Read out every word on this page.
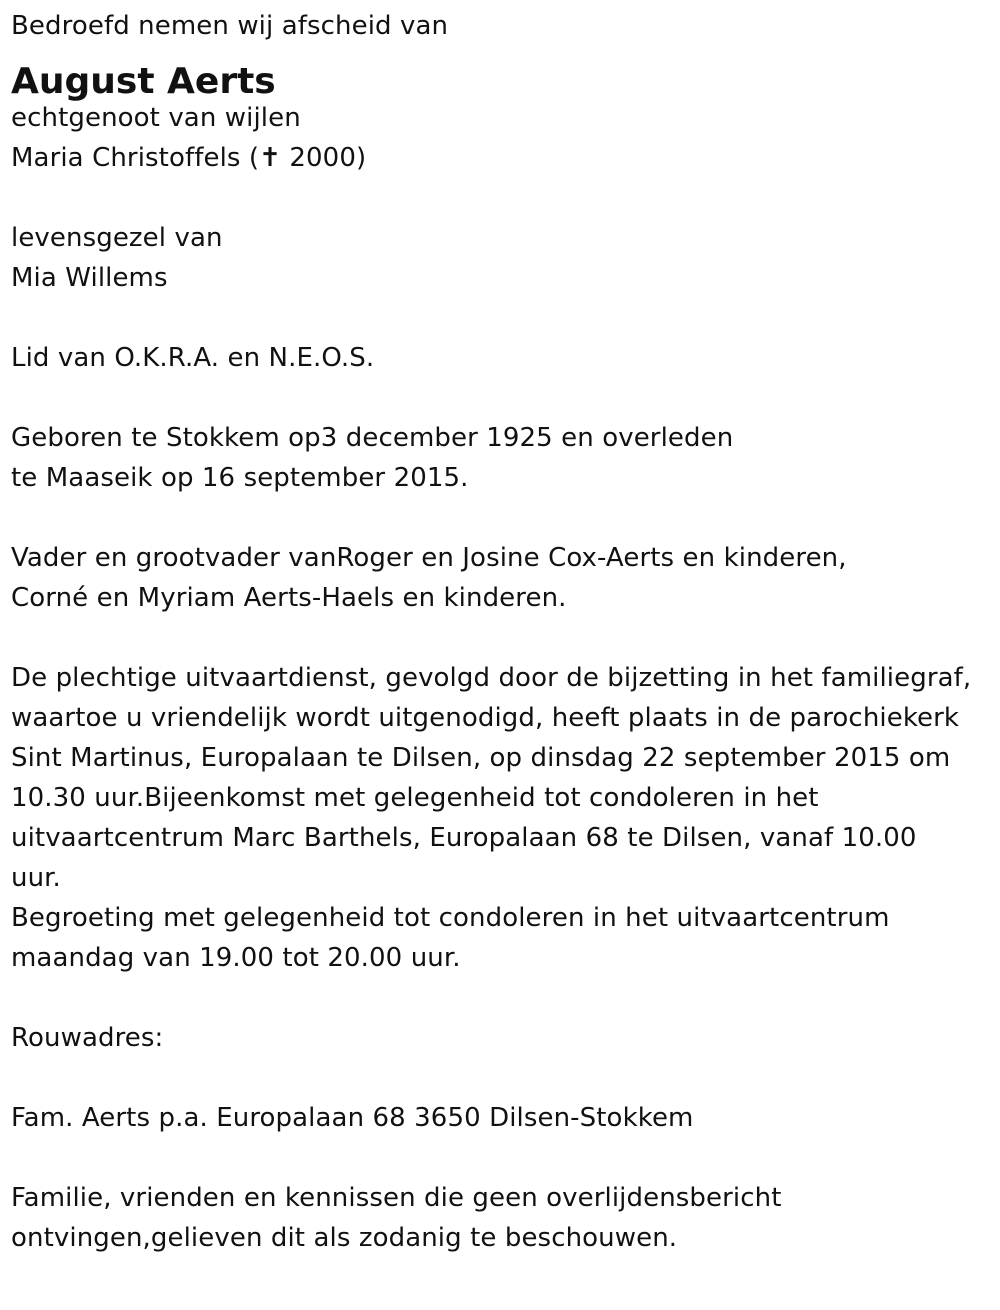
Bedroefd nemen wij afscheid van
August Aerts
echtgenoot van wijlen
Maria Christoffels (✝ 2000)
levensgezel van
Mia Willems
Lid van O.K.R.A. en N.E.O.S.
Geboren te Stokkem op3 december 1925 en overleden
te Maaseik op 16 september 2015.
Vader en grootvader vanRoger en Josine Cox-Aerts en kinderen,
Corné en Myriam Aerts-Haels en kinderen.
De plechtige uitvaartdienst, gevolgd door de bijzetting in het familiegraf,
waartoe u vriendelijk wordt uitgenodigd, heeft plaats in de parochiekerk
Sint Martinus, Europalaan te Dilsen, op dinsdag 22 september 2015 om
10.30 uur.Bijeenkomst met gelegenheid tot condoleren in het
uitvaartcentrum Marc Barthels, Europalaan 68 te Dilsen, vanaf 10.00
uur.
Begroeting met gelegenheid tot condoleren in het uitvaartcentrum
maandag van 19.00 tot 20.00 uur.
Rouwadres:
Fam. Aerts p.a. Europalaan 68 3650 Dilsen-Stokkem
Familie, vrienden en kennissen die geen overlijdensbericht
ontvingen,gelieven dit als zodanig te beschouwen.
